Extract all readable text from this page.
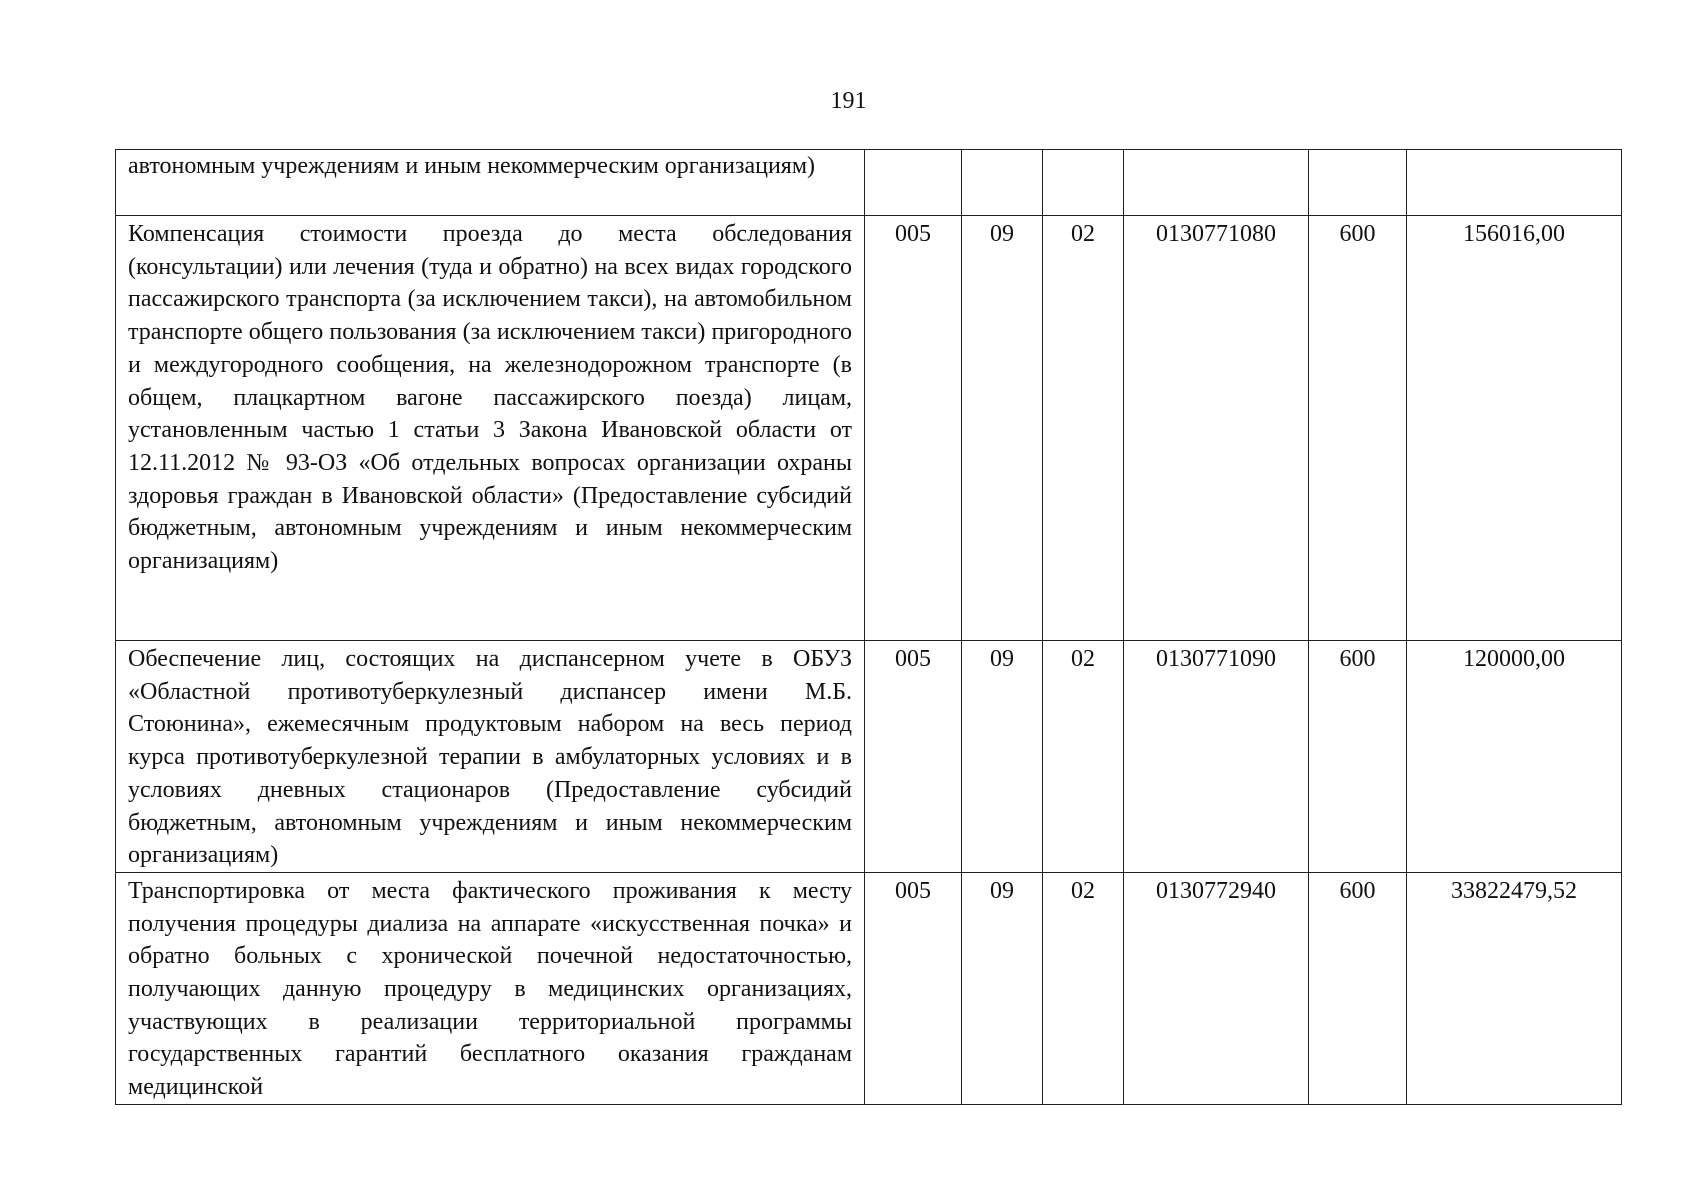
191
автономным учреждениям и иным некоммерческим организациям)						
Компенсация стоимости проезда до места обследования (консультации) или лечения (туда и обратно) на всех видах городского пассажирского транспорта (за исключением такси), на автомобильном транспорте общего пользования (за исключением такси) пригородного и междугородного сообщения, на железнодорожном транспорте (в общем, плацкартном вагоне пассажирского поезда) лицам, установленным частью 1 статьи 3 Закона Ивановской области от 12.11.2012 № 93-ОЗ «Об отдельных вопросах организации охраны здоровья граждан в Ивановской области» (Предоставление субсидий бюджетным, автономным учреждениям и иным некоммерческим организациям)	005	09	02	0130771080	600	156016,00
Обеспечение лиц, состоящих на диспансерном учете в ОБУЗ «Областной противотуберкулезный диспансер имени М.Б. Стоюнина», ежемесячным продуктовым набором на весь период курса противотуберкулезной терапии в амбулаторных условиях и в условиях дневных стационаров (Предоставление субсидий бюджетным, автономным учреждениям и иным некоммерческим организациям)	005	09	02	0130771090	600	120000,00
Транспортировка от места фактического проживания к месту получения процедуры диализа на аппарате «искусственная почка» и обратно больных с хронической почечной недостаточностью, получающих данную процедуру в медицинских организациях, участвующих в реализации территориальной программы государственных гарантий бесплатного оказания гражданам медицинской	005	09	02	0130772940	600	33822479,52
